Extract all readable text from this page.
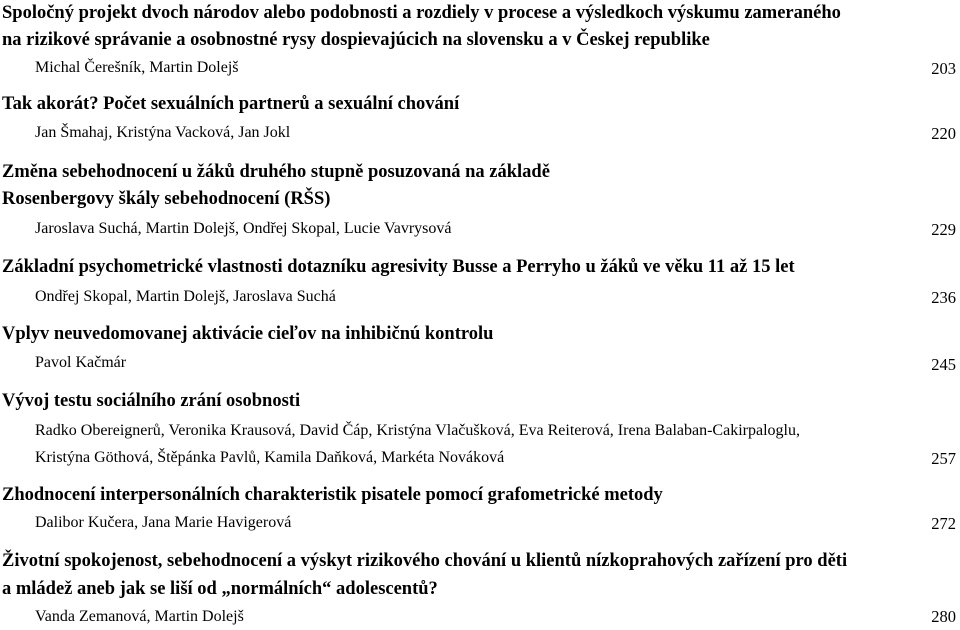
Spoločný projekt dvoch národov alebo podobnosti a rozdiely v procese a výsledkoch výskumu zameraného
na rizikové správanie a osobnostné rysy dospievajúcich na slovensku a v Českej republike
Michal Čerešník, Martin Dolejš	203
Tak akorát? Počet sexuálních partnerů a sexuální chování
Jan Šmahaj, Kristýna Vacková, Jan Jokl	220
Změna sebehodnocení u žáků druhého stupně posuzovaná na základě
Rosenbergovy škály sebehodnocení (RŠS)
Jaroslava Suchá, Martin Dolejš, Ondřej Skopal, Lucie Vavrysová	229
Základní psychometrické vlastnosti dotazníku agresivity Busse a Perryho u žáků ve věku 11 až 15 let
Ondřej Skopal, Martin Dolejš, Jaroslava Suchá	236
Vplyv neuvedomovanej aktivácie cieľov na inhibičnú kontrolu
Pavol Kačmár	245
Vývoj testu sociálního zrání osobnosti
Radko Obereignerů, Veronika Krausová, David Čáp, Kristýna Vlačušková, Eva Reiterová, Irena Balaban-Cakirpaloglu,
Kristýna Göthová, Štěpánka Pavlů, Kamila Daňková, Markéta Nováková	257
Zhodnocení interpersonálních charakteristik pisatele pomocí grafometrické metody
Dalibor Kučera, Jana Marie Havigerová	272
Životní spokojenost, sebehodnocení a výskyt rizikového chování u klientů nízkoprahových zařízení pro děti
a mládež aneb jak se liší od „normálních“ adolescentů?
Vanda Zemanová, Martin Dolejš	280
